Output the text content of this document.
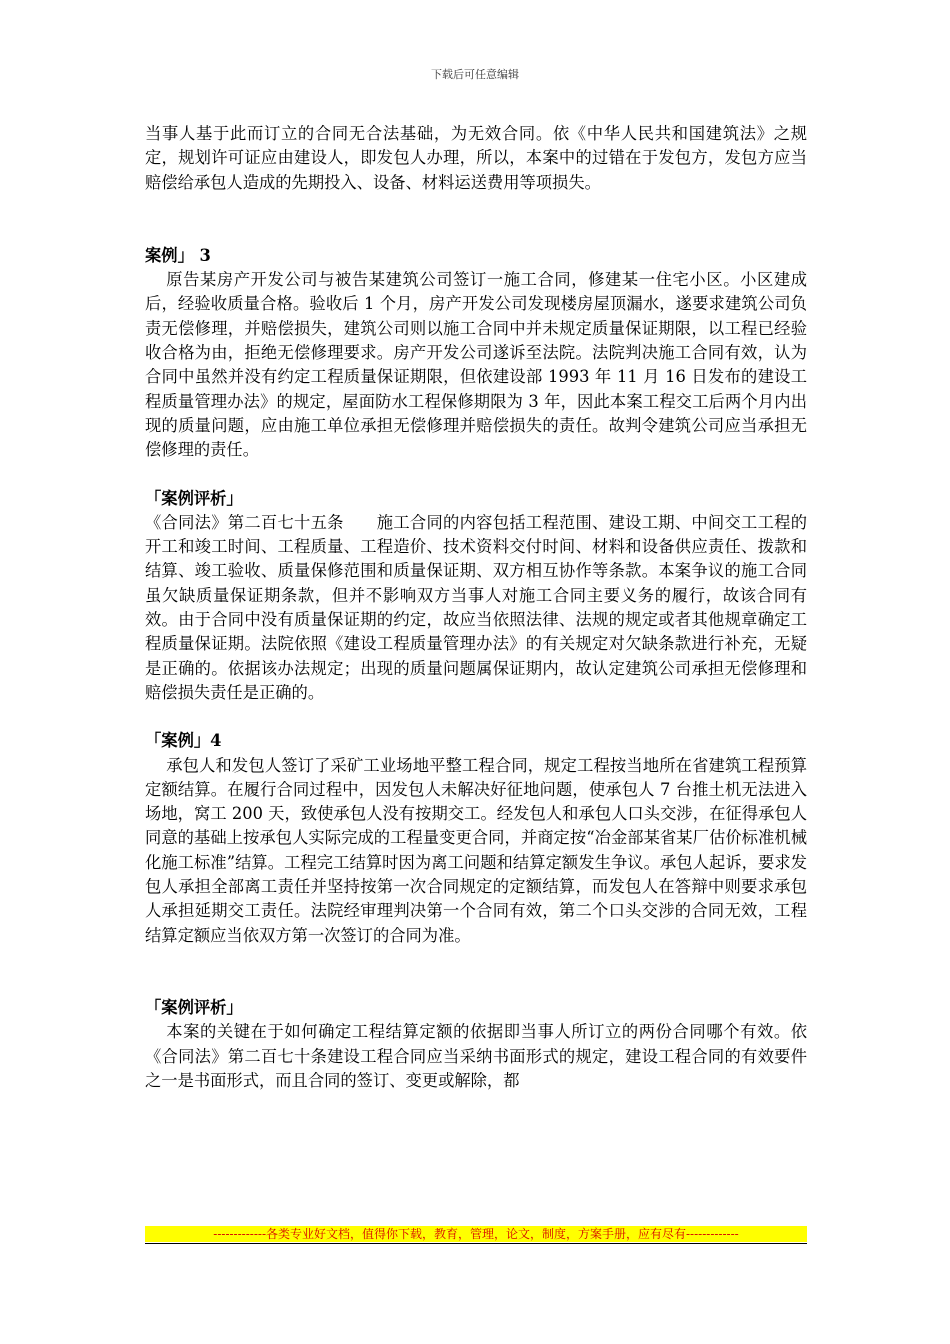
下载后可任意编辑

当事人基于此而订立的合同无合法基础，为无效合同。依《中华人民共和国建筑法》之规定，规划许可证应由建设人，即发包人办理，所以，本案中的过错在于发包方，发包方应当赔偿给承包人造成的先期投入、设备、材料运送费用等项损失。

案例」 3

原告某房产开发公司与被告某建筑公司签订一施工合同，修建某一住宅小区。小区建成后，经验收质量合格。验收后 1 个月，房产开发公司发现楼房屋顶漏水，遂要求建筑公司负责无偿修理，并赔偿损失，建筑公司则以施工合同中并未规定质量保证期限，以工程已经验收合格为由，拒绝无偿修理要求。房产开发公司遂诉至法院。法院判决施工合同有效，认为合同中虽然并没有约定工程质量保证期限，但依建设部 1993 年 11 月 16 日发布的建设工程质量管理办法》的规定，屋面防水工程保修期限为 3 年，因此本案工程交工后两个月内出现的质量问题，应由施工单位承担无偿修理并赔偿损失的责任。故判令建筑公司应当承担无偿修理的责任。

「案例评析」

《合同法》第二百七十五条　　施工合同的内容包括工程范围、建设工期、中间交工工程的开工和竣工时间、工程质量、工程造价、技术资料交付时间、材料和设备供应责任、拨款和结算、竣工验收、质量保修范围和质量保证期、双方相互协作等条款。本案争议的施工合同虽欠缺质量保证期条款，但并不影响双方当事人对施工合同主要义务的履行，故该合同有效。由于合同中没有质量保证期的约定，故应当依照法律、法规的规定或者其他规章确定工程质量保证期。法院依照《建设工程质量管理办法》的有关规定对欠缺条款进行补充，无疑是正确的。依据该办法规定；出现的质量问题属保证期内，故认定建筑公司承担无偿修理和赔偿损失责任是正确的。

「案例」4

承包人和发包人签订了采矿工业场地平整工程合同，规定工程按当地所在省建筑工程预算定额结算。在履行合同过程中，因发包人未解决好征地问题，使承包人 7 台推土机无法进入场地，窝工 200 天，致使承包人没有按期交工。经发包人和承包人口头交涉，在征得承包人同意的基础上按承包人实际完成的工程量变更合同，并商定按“冶金部某省某厂估价标准机械化施工标准”结算。工程完工结算时因为离工问题和结算定额发生争议。承包人起诉，要求发包人承担全部离工责任并坚持按第一次合同规定的定额结算，而发包人在答辩中则要求承包人承担延期交工责任。法院经审理判决第一个合同有效，第二个口头交涉的合同无效，工程结算定额应当依双方第一次签订的合同为准。

「案例评析」

本案的关键在于如何确定工程结算定额的依据即当事人所订立的两份合同哪个有效。依《合同法》第二百七十条建设工程合同应当采纳书面形式的规定，建设工程合同的有效要件之一是书面形式，而且合同的签订、变更或解除，都

-------------各类专业好文档，值得你下载，教育，管理，论文，制度，方案手册，应有尽有-------------
